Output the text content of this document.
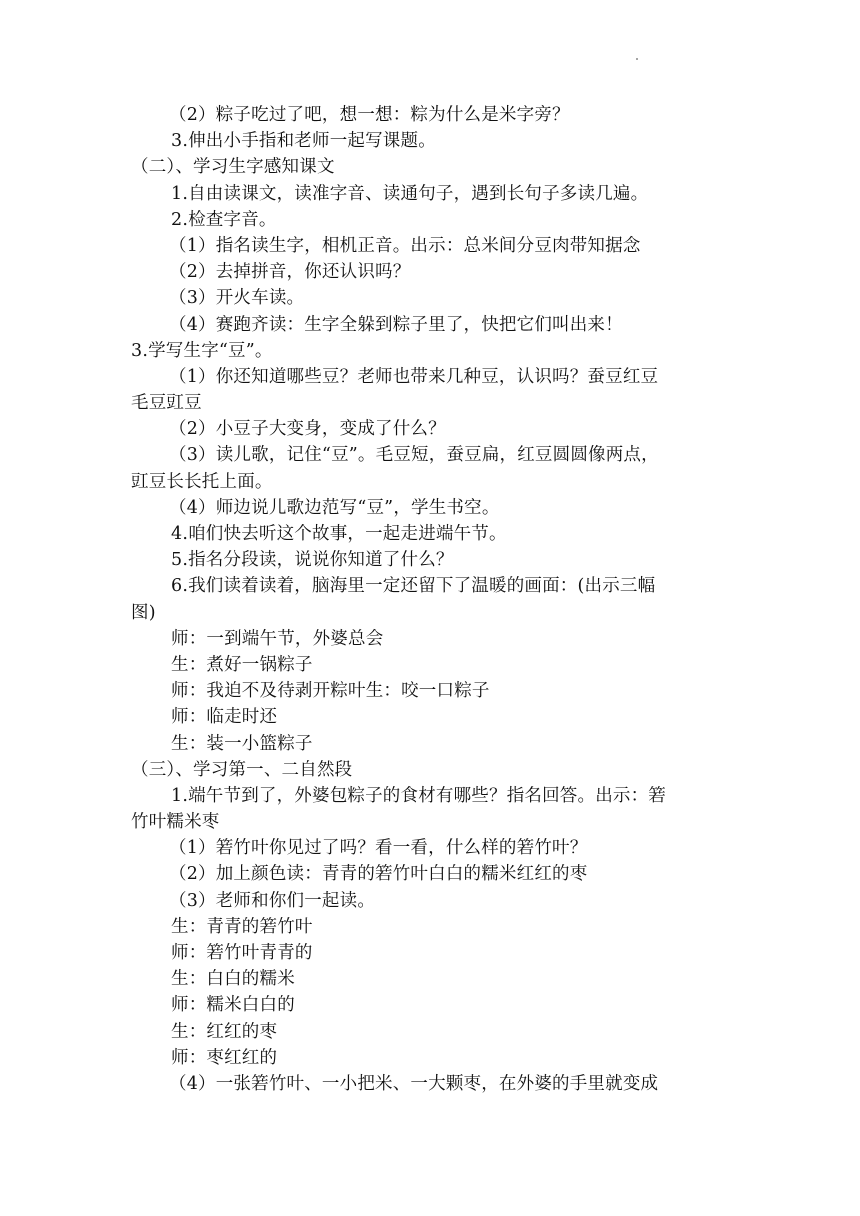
（2）粽子吃过了吧，想一想：粽为什么是米字旁？
3.伸出小手指和老师一起写课题。
（二）、学习生字感知课文
1.自由读课文，读准字音、读通句子，遇到长句子多读几遍。
2.检查字音。
（1）指名读生字，相机正音。出示：总米间分豆肉带知据念
（2）去掉拼音，你还认识吗？
（3）开火车读。
（4）赛跑齐读：生字全躲到粽子里了，快把它们叫出来！
3.学写生字“豆”。
（1）你还知道哪些豆？老师也带来几种豆，认识吗？蚕豆红豆
毛豆豇豆
（2）小豆子大变身，变成了什么？
（3）读儿歌，记住“豆”。毛豆短，蚕豆扁，红豆圆圆像两点，
豇豆长长托上面。
（4）师边说儿歌边范写“豆”，学生书空。
4.咱们快去听这个故事，一起走进端午节。
5.指名分段读，说说你知道了什么？
6.我们读着读着，脑海里一定还留下了温暖的画面：(出示三幅
图)
师：一到端午节，外婆总会
生：煮好一锅粽子
师：我迫不及待剥开粽叶生：咬一口粽子
师：临走时还
生：装一小篮粽子
（三）、学习第一、二自然段
1.端午节到了，外婆包粽子的食材有哪些？指名回答。出示：箬
竹叶糯米枣
（1）箬竹叶你见过了吗？看一看，什么样的箬竹叶？
（2）加上颜色读：青青的箬竹叶白白的糯米红红的枣
（3）老师和你们一起读。
生：青青的箬竹叶
师：箬竹叶青青的
生：白白的糯米
师：糯米白白的
生：红红的枣
师：枣红红的
（4）一张箬竹叶、一小把米、一大颗枣，在外婆的手里就变成
